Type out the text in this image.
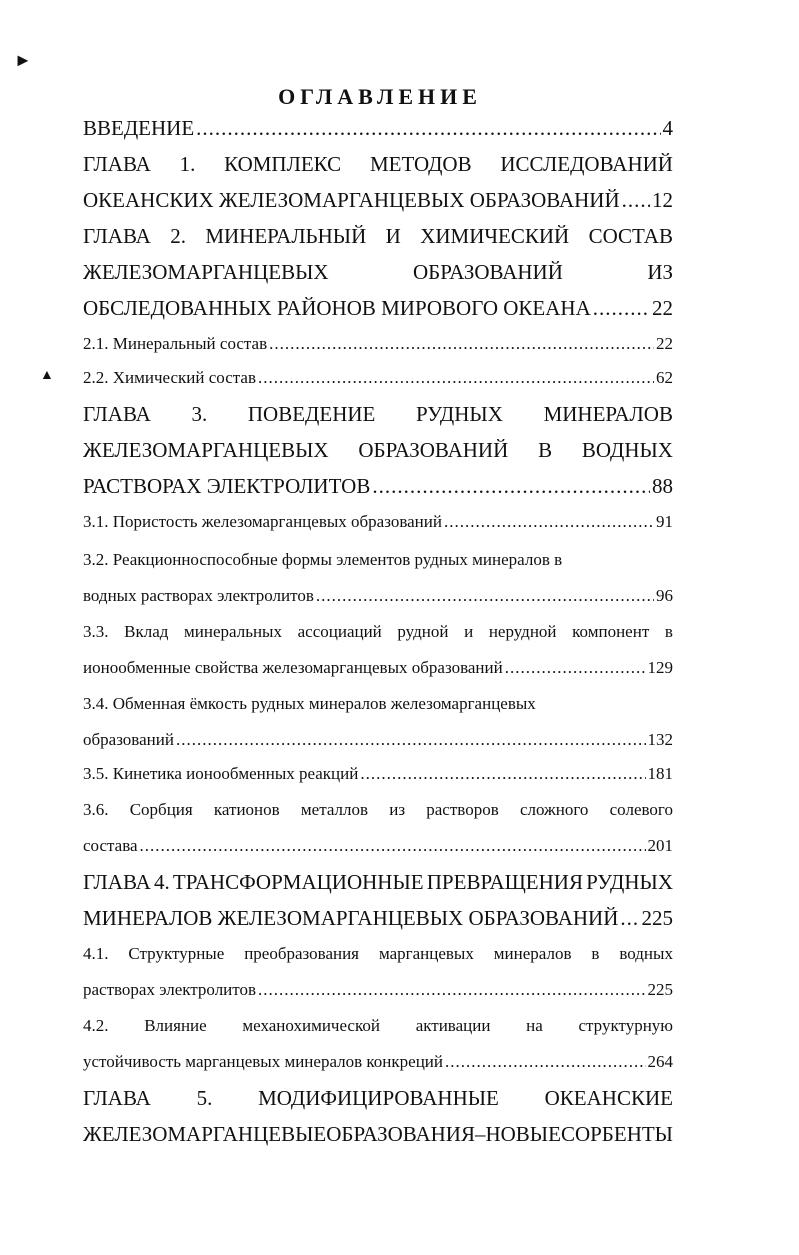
►
▲
ОГЛАВЛЕНИЕ
ВВЕДЕНИЕ .....	4
ГЛАВА 1. КОМПЛЕКС МЕТОДОВ ИССЛЕДОВАНИЙ
ОКЕАНСКИХ ЖЕЛЕЗОМАРГАНЦЕВЫХ ОБРАЗОВАНИЙ ..... 12
ГЛАВА 2. МИНЕРАЛЬНЫЙ И ХИМИЧЕСКИЙ СОСТАВ
ЖЕЛЕЗОМАРГАНЦЕВЫХ	ОБРАЗОВАНИЙ	ИЗ
ОБСЛЕДОВАННЫХ РАЙОНОВ МИРОВОГО ОКЕАНА .....	22
2.1. Минеральный состав .....	22
2.2. Химический состав .....	62
ГЛАВА 3. ПОВЕДЕНИЕ РУДНЫХ МИНЕРАЛОВ
ЖЕЛЕЗОМАРГАНЦЕВЫХ ОБРАЗОВАНИЙ В ВОДНЫХ
РАСТВОРАХ ЭЛЕКТРОЛИТОВ .....	88
3.1. Пористость железомарганцевых образований .....	91
3.2. Реакционноспособные формы элементов рудных минералов в
водных растворах электролитов .....	96
3.3. Вклад минеральных ассоциаций рудной и нерудной компонент в
ионообменные свойства железомарганцевых образований .....	129
3.4. Обменная ёмкость рудных минералов железомарганцевых
образований .....	132
3.5. Кинетика ионообменных реакций .....	181
3.6. Сорбция катионов металлов из растворов сложного солевого
состава .....	201
ГЛАВА 4. ТРАНСФОРМАЦИОННЫЕ ПРЕВРАЩЕНИЯ РУДНЫХ
МИНЕРАЛОВ ЖЕЛЕЗОМАРГАНЦЕВЫХ ОБРАЗОВАНИЙ ..... 225
4.1. Структурные преобразования марганцевых минералов в водных
растворах электролитов .....	225
4.2. Влияние механохимической активации на структурную
устойчивость марганцевых минералов конкреций .....	264
ГЛАВА 5. МОДИФИЦИРОВАННЫЕ ОКЕАНСКИЕ
ЖЕЛЕЗОМАРГАНЦЕВЫЕ ОБРАЗОВАНИЯ – НОВЫЕ СОРБЕНТЫ
